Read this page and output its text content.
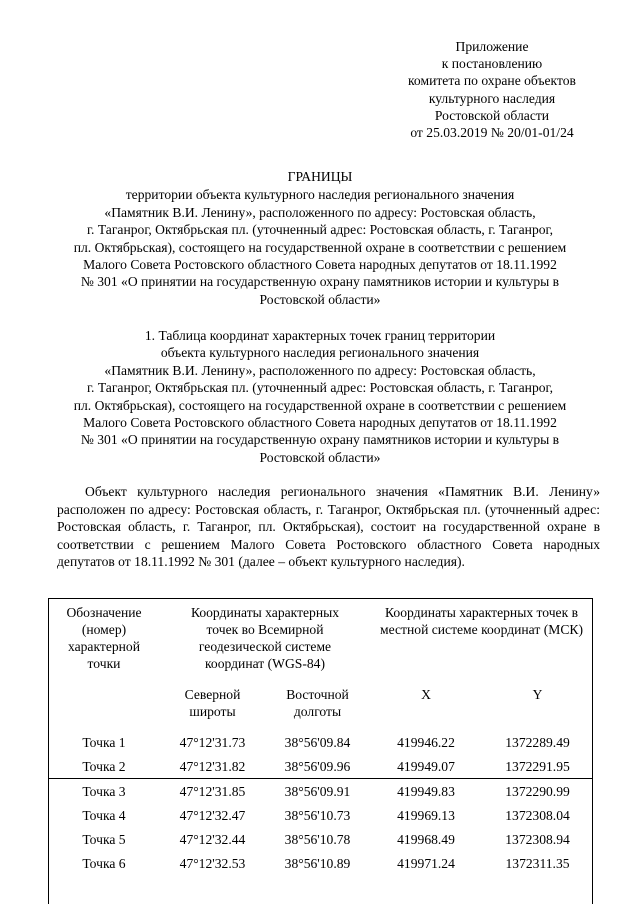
Приложение
к постановлению
комитета по охране объектов
культурного наследия
Ростовской области
от 25.03.2019 № 20/01-01/24
ГРАНИЦЫ
территории объекта культурного наследия регионального значения
«Памятник В.И. Ленину», расположенного по адресу: Ростовская область,
г. Таганрог, Октябрьская пл. (уточненный адрес: Ростовская область, г. Таганрог,
пл. Октябрьская), состоящего на государственной охране в соответствии с решением
Малого Совета Ростовского областного Совета народных депутатов от 18.11.1992
№ 301 «О принятии на государственную охрану памятников истории и культуры в
Ростовской области»
1. Таблица координат характерных точек границ территории
объекта культурного наследия регионального значения
«Памятник В.И. Ленину», расположенного по адресу: Ростовская область,
г. Таганрог, Октябрьская пл. (уточненный адрес: Ростовская область, г. Таганрог,
пл. Октябрьская), состоящего на государственной охране в соответствии с решением
Малого Совета Ростовского областного Совета народных депутатов от 18.11.1992
№ 301 «О принятии на государственную охрану памятников истории и культуры в
Ростовской области»
Объект культурного наследия регионального значения «Памятник В.И. Ленину» расположен по адресу: Ростовская область, г. Таганрог, Октябрьская пл. (уточненный адрес: Ростовская область, г. Таганрог, пл. Октябрьская), состоит на государственной охране в соответствии с решением Малого Совета Ростовского областного Совета народных депутатов от 18.11.1992 № 301 (далее – объект культурного наследия).
Обозначение (номер) характерной точки	Координаты характерных точек во Всемирной геодезической системе координат (WGS-84)		Координаты характерных точек в местной системе координат (МСК)	
	Северной широты	Восточной долготы	X	Y
Точка 1	47°12'31.73	38°56'09.84	419946.22	1372289.49
Точка 2	47°12'31.82	38°56'09.96	419949.07	1372291.95
Точка 3	47°12'31.85	38°56'09.91	419949.83	1372290.99
Точка 4	47°12'32.47	38°56'10.73	419969.13	1372308.04
Точка 5	47°12'32.44	38°56'10.78	419968.49	1372308.94
Точка 6	47°12'32.53	38°56'10.89	419971.24	1372311.35
